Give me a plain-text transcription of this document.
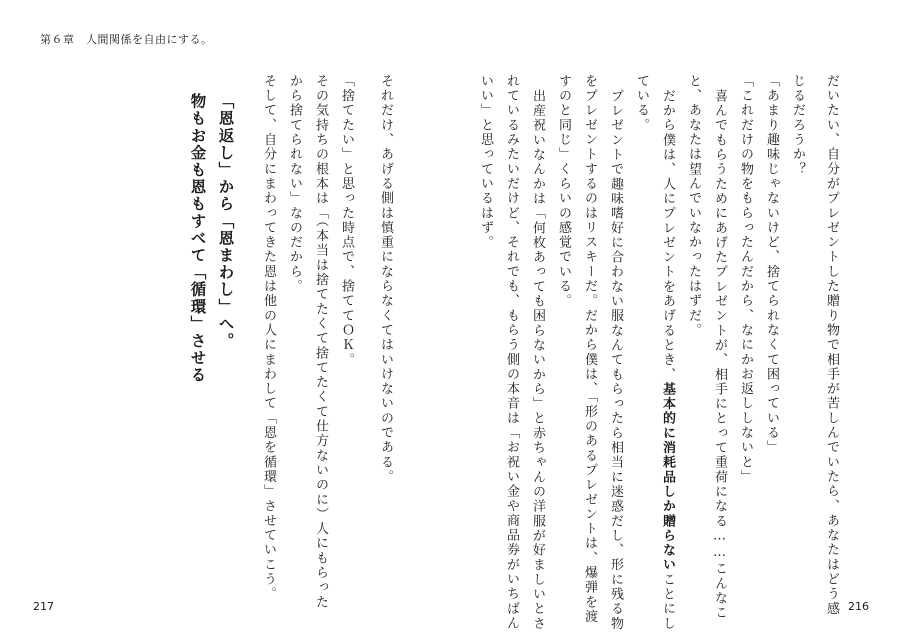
第６章　人間関係を自由にする。
だいたい、自分がプレゼントした贈り物で相手が苦しんでいたら、あなたはどう感
じるだろうか？
「あまり趣味じゃないけど、捨てられなくて困っている」
「これだけの物をもらったんだから、なにかお返ししないと」
喜んでもらうためにあげたプレゼントが、相手にとって重荷になる……こんなこ
と、あなたは望んでいなかったはずだ。
だから僕は、人にプレゼントをあげるとき、基本的に消耗品しか贈らないことにし
ている。
プレゼントで趣味嗜好に合わない服なんてもらったら相当に迷惑だし、形に残る物
をプレゼントするのはリスキーだ。だから僕は、「形のあるプレゼントは、爆弾を渡
すのと同じ」くらいの感覚でいる。
出産祝いなんかは「何枚あっても困らないから」と赤ちゃんの洋服が好ましいとさ
れているみたいだけど、それでも、もらう側の本音は「お祝い金や商品券がいちばん
いい」と思っているはず。
それだけ、あげる側は慎重にならなくてはいけないのである。
「捨てたい」と思った時点で、捨ててＯＫ。
その気持ちの根本は「（本当は捨てたくて捨てたくて仕方ないのに）人にもらった
から捨てられない」なのだから。
そして、自分にまわってきた恩は他の人にまわして「恩を循環」させていこう。
「恩返し」から「恩まわし」へ。
物もお金も恩もすべて「循環」させる
217	216
